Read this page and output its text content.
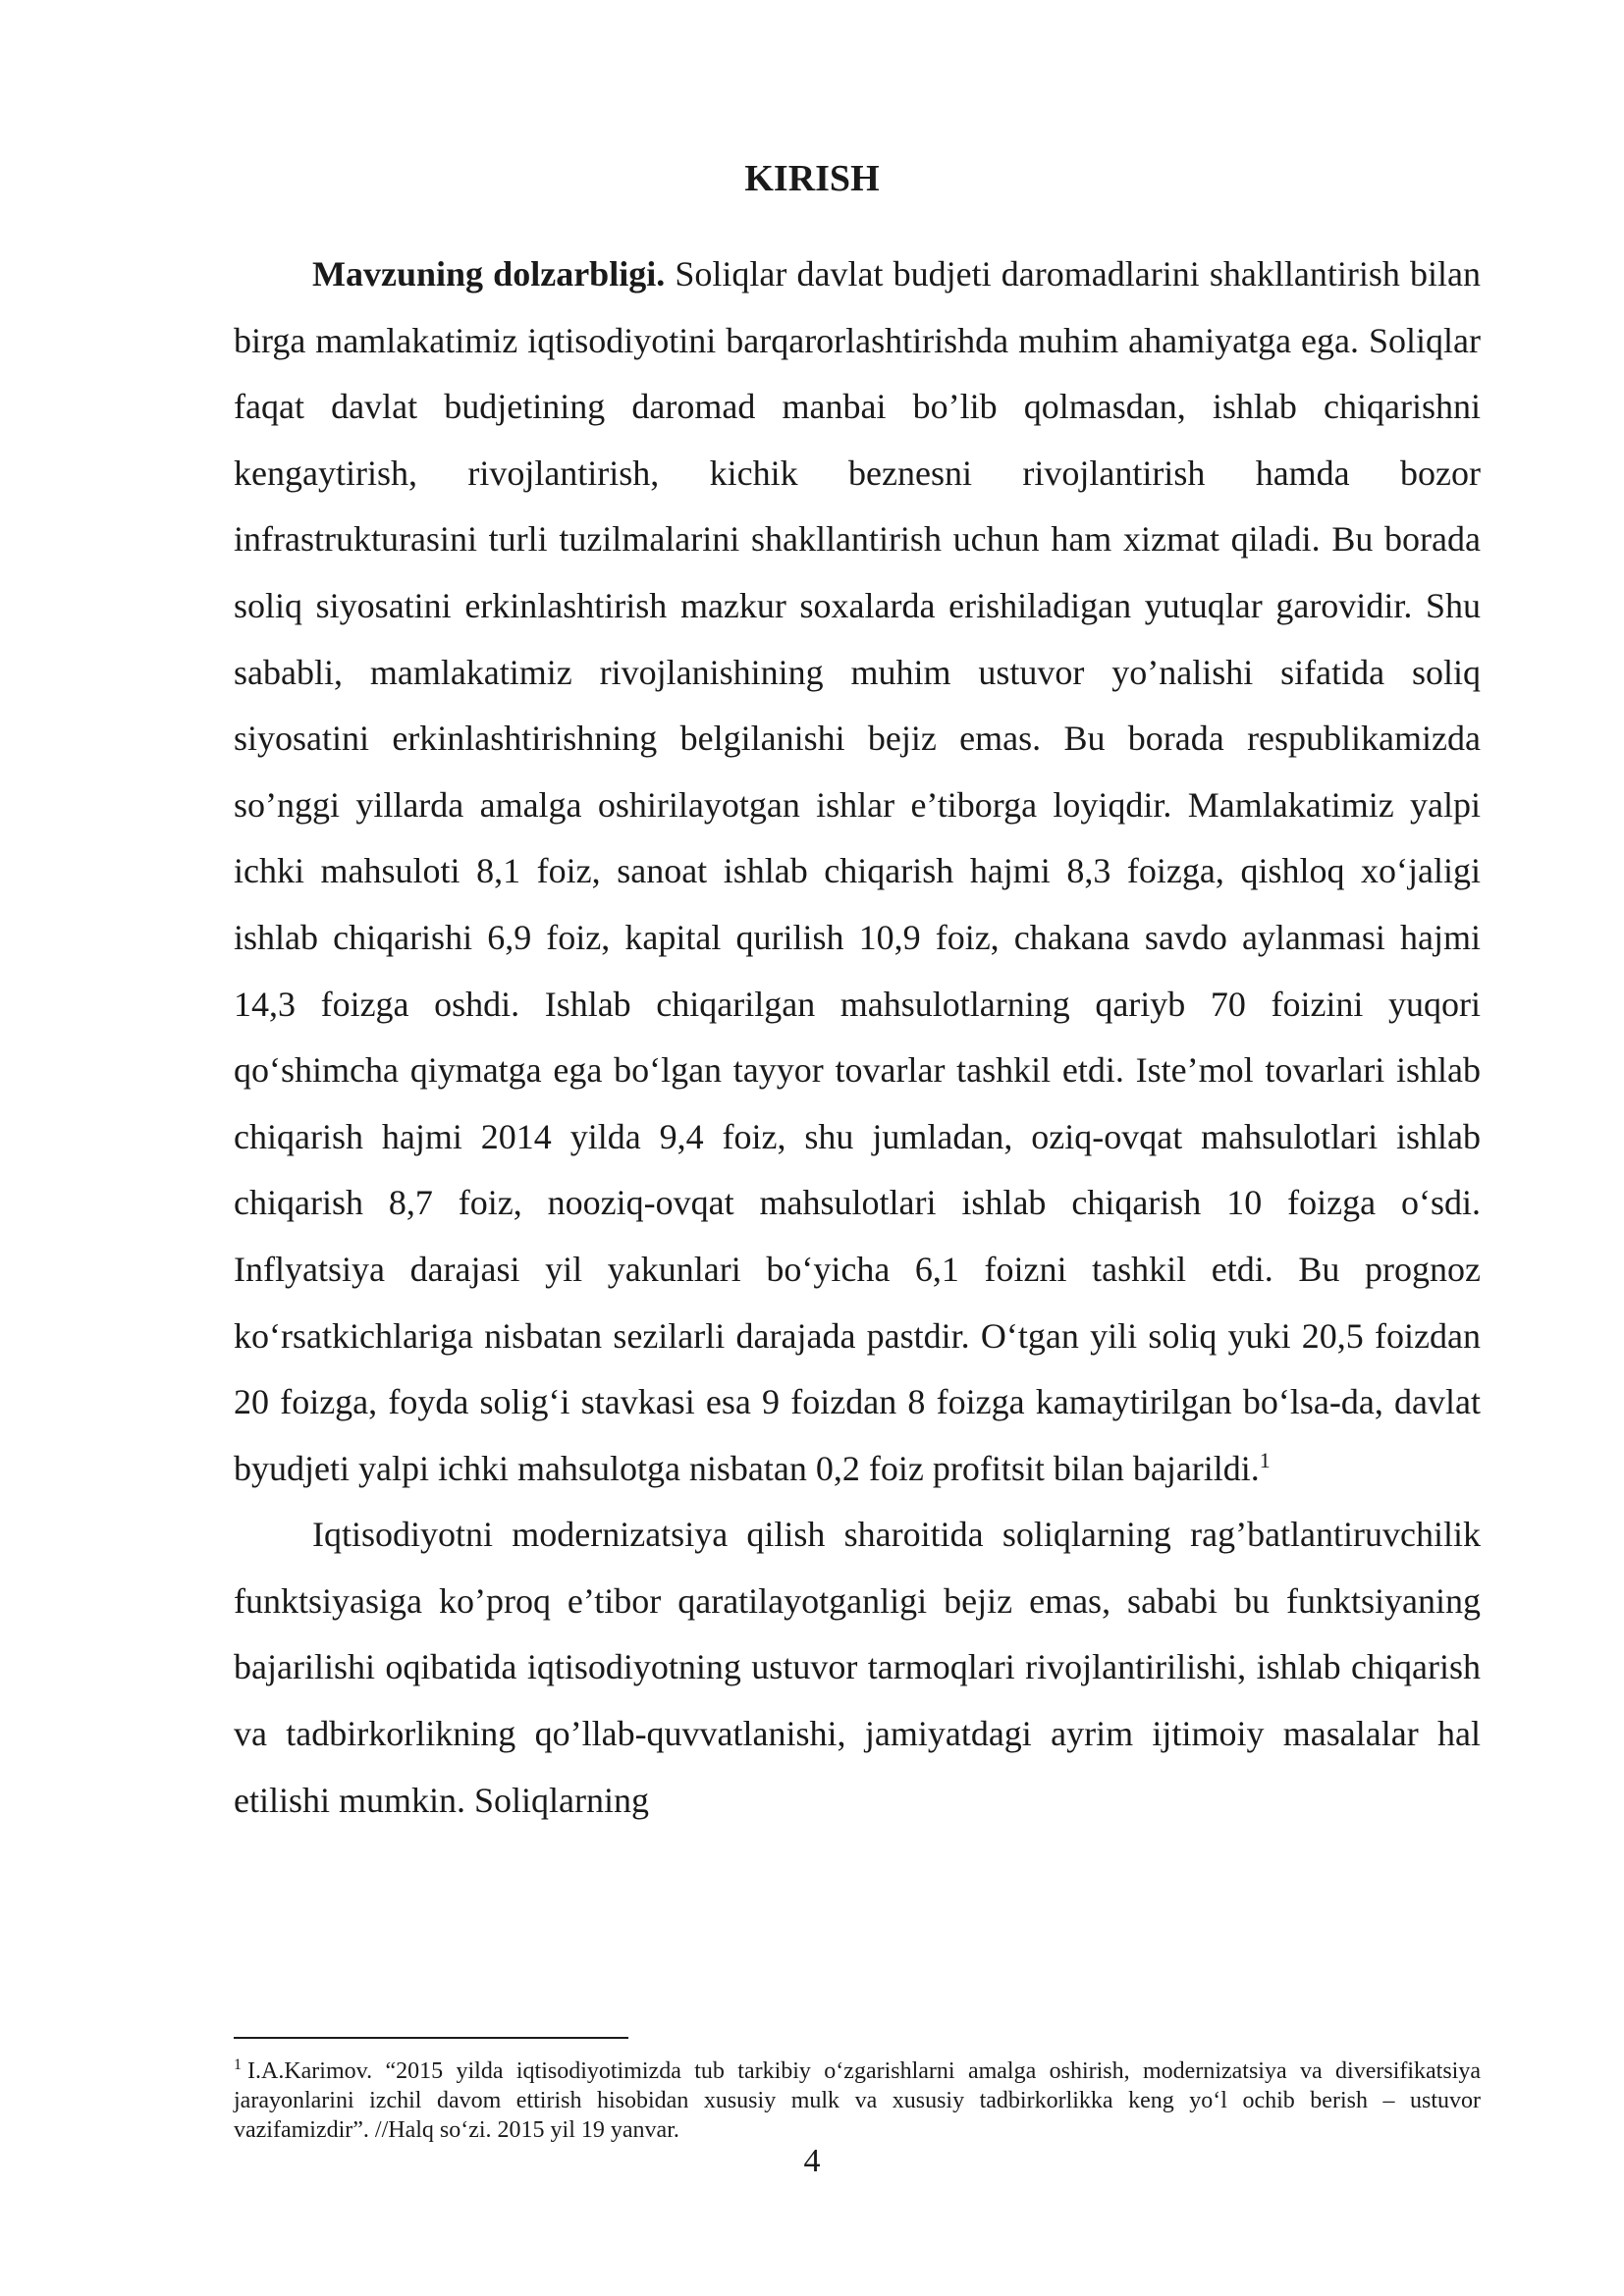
KIRISH

Mavzuning dolzarbligi. Soliqlar davlat budjeti daromadlarini shakllantirish bilan birga mamlakatimiz iqtisodiyotini barqarorlashtirishda muhim ahamiyatga ega. Soliqlar faqat davlat budjetining daromad manbai bo’lib qolmasdan, ishlab chiqarishni kengaytirish, rivojlantirish, kichik beznesni rivojlantirish hamda bozor infrastrukturasini turli tuzilmalarini shakllantirish uchun ham xizmat qiladi. Bu borada soliq siyosatini erkinlashtirish mazkur soxalarda erishiladigan yutuqlar garovidir. Shu sababli, mamlakatimiz rivojlanishining muhim ustuvor yo’nalishi sifatida soliq siyosatini erkinlashtirishning belgilanishi bejiz emas. Bu borada respublikamizda so’nggi yillarda amalga oshirilayotgan ishlar e’tiborga loyiqdir. Mamlakatimiz yalpi ichki mahsuloti 8,1 foiz, sanoat ishlab chiqarish hajmi 8,3 foizga, qishloq xo‘jaligi ishlab chiqarishi 6,9 foiz, kapital qurilish 10,9 foiz, chakana savdo aylanmasi hajmi 14,3 foizga oshdi. Ishlab chiqarilgan mahsulotlarning qariyb 70 foizini yuqori qo‘shimcha qiymatga ega bo‘lgan tayyor tovarlar tashkil etdi. Iste’mol tovarlari ishlab chiqarish hajmi 2014 yilda 9,4 foiz, shu jumladan, oziq-ovqat mahsulotlari ishlab chiqarish 8,7 foiz, nooziq-ovqat mahsulotlari ishlab chiqarish 10 foizga o‘sdi. Inflyatsiya darajasi yil yakunlari bo‘yicha 6,1 foizni tashkil etdi. Bu prognoz ko‘rsatkichlariga nisbatan sezilarli darajada pastdir. O‘tgan yili soliq yuki 20,5 foizdan 20 foizga, foyda solig‘i stavkasi esa 9 foizdan 8 foizga kamaytirilgan bo‘lsa-da, davlat byudjeti yalpi ichki mahsulotga nisbatan 0,2 foiz profitsit bilan bajarildi.$^1$

Iqtisodiyotni modernizatsiya qilish sharoitida soliqlarning rag’batlantiruvchilik funktsiyasiga ko’proq e’tibor qaratilayotganligi bejiz emas, sababi bu funktsiyaning bajarilishi oqibatida iqtisodiyotning ustuvor tarmoqlari rivojlantirilishi, ishlab chiqarish va tadbirkorlikning qo’llab-quvvatlanishi, jamiyatdagi ayrim ijtimoiy masalalar hal etilishi mumkin. Soliqlarning

$^1$ I.A.Karimov. “2015 yilda iqtisodiyotimizda tub tarkibiy o‘zgarishlarni amalga oshirish, modernizatsiya va diversifikatsiya jarayonlarini izchil davom ettirish hisobidan xususiy mulk va xususiy tadbirkorlikka keng yo‘l ochib berish – ustuvor vazifamizdir”. //Halq so‘zi. 2015 yil 19 yanvar.
4
